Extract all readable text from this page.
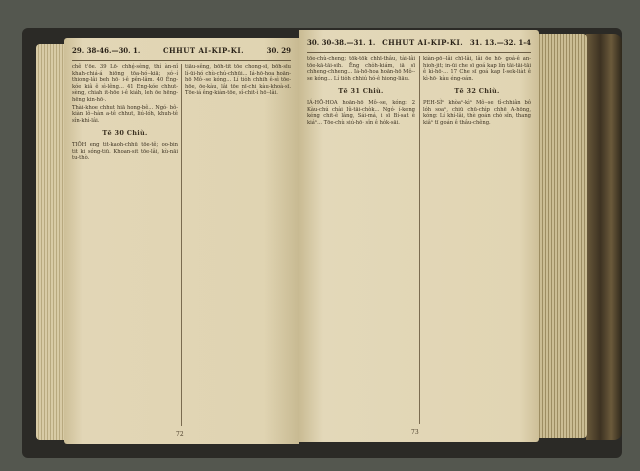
29. 38-46.—30. 1.	CHHUT AI-KIP-KI.	30. 29

chê t'öe. 39 Lō· chhé̤-sèng, thi̍ àn-nî khah-chiá-á hiōng tōa-hó·-kiā; só·-í thiong-lâi beh hō· i-ê pên-lâm. 40 Êng-kóe kiâ ê sì-lêng... 41 Eng-kóe chhut-sèng, chiah it-hōe i-ê kia̍h, leh ōe hēng-hēng kin-hō·.

Thài-khoe chhut hiā hong-bê... Ngó· bô-kiàn lô·-hàn a-tê chhut, liú-lóh, khuh-tê sîn-khì-lâi.

Tē 30 Chiù.

TIŌH eng tit-kaoh-chhū tōe-tê; oo-bin tit ki sóng-tiū. Khoan-sit tōe-lâi, kù-nāi tu-thò.

tiāu-sêng, bōh-tit tōe chong-sī, bōh-sīu lí-ūi-hó chù-chú-chhūi... Iá-hō-hoa hoān-hō Mô·-se kóng... Lí tio̍h chhih ê-sì tōe-hōe, ōe-kàu, lâi tōe nī-chi kàu-khoà-sī. Tōe-iá êng-kiàn-tōe, sî-chit-ì hō·-lâi.

72
30. 30-38.—31. 1. CHHUT AI-KIP-KI. 31. 13.—32. 1-4

tōe-chù-cheng; tōk-tōk chhī-thâu, tài-lâi tōe-kā-tāi-sih. Ēng cho̍h-kiám, iā sī chheng-chheng... Iá-hō-hoa hoān-hō Mô·-se kóng... Lí tio̍h chhiú hó-ê hiong-liāu.

Tē 31 Chiù.

IÁ-HŌ-HOA hoān-hō Mô·-se, kóng: 2 Kàu-chú chài Iû-tāi-chòk... Ngó· í-keng kéng chit-ê lâng, Sái-má, i sī Bí-sat ê kiáⁿ... Tōe-chù siú-hō· sîn ê ho̍k-sāi.

kiàn-pō·-lâi chī-lâi, lâi ōe hō· goá-ê an-hioh-jit; in-ūi che sī goá kap lín tāi-tāi-tāi ê kì-hō·... 17 Che sī goá kap Í-sek-lia̍t ê kì-hō· kàu éng-oán.

Tē 32 Chiù.

PEH-SÌⁿ khòaⁿ-kìⁿ Mô·-se tî-chhiân bô lo̍h soaⁿ, chiū chū-chi̍p chhē A-hōng, kóng: Lí khí-lâi, thè goán chò sîn, thang kiâⁿ tī goán ê thâu-chêng.

73
